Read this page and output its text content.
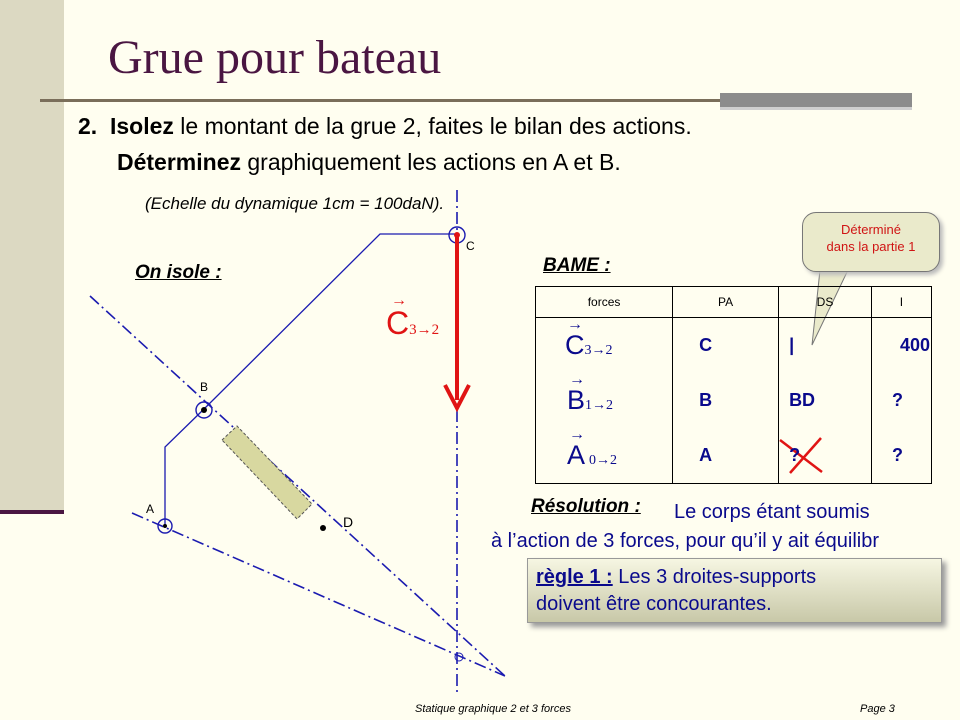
Grue pour bateau
2. Isolez le montant de la grue 2, faites le bilan des actions.
Déterminez graphiquement les actions en A et B.
(Echelle du dynamique 1cm = 100daN).
On isole :
C
B
A
D
→
C3→2
BAME :
forces	PA	DS	I

→
C3→2	C	|	400

→
B1→2	B	BD	?

→
A 0→2	A	?	?
Déterminé
dans la partie 1
Résolution : Le corps étant soumis
à l’action de 3 forces, pour qu’il y ait équilibr
règle 1 : Les 3 droites-supports
doivent être concourantes.
Statique graphique 2 et 3 forces	Page 3
